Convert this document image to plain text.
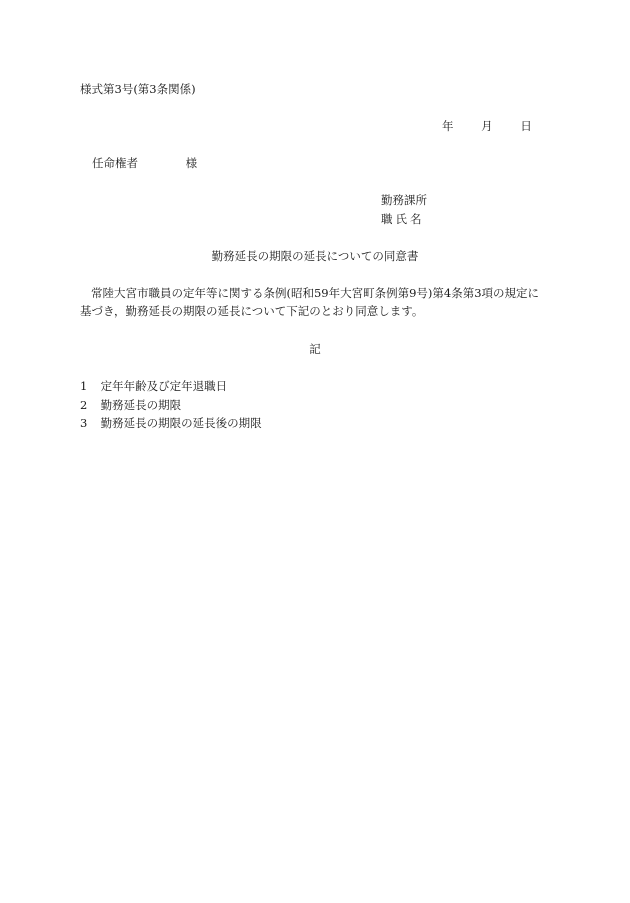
様式第3号(第3条関係)
年 月 日
任命権者	様
勤務課所
職氏名
勤務延長の期限の延長についての同意書
常陸大宮市職員の定年等に関する条例(昭和59年大宮町条例第9号)第4条第3項の規定に
基づき，勤務延長の期限の延長について下記のとおり同意します。
記
1 定年年齢及び定年退職日
2 勤務延長の期限
3 勤務延長の期限の延長後の期限
